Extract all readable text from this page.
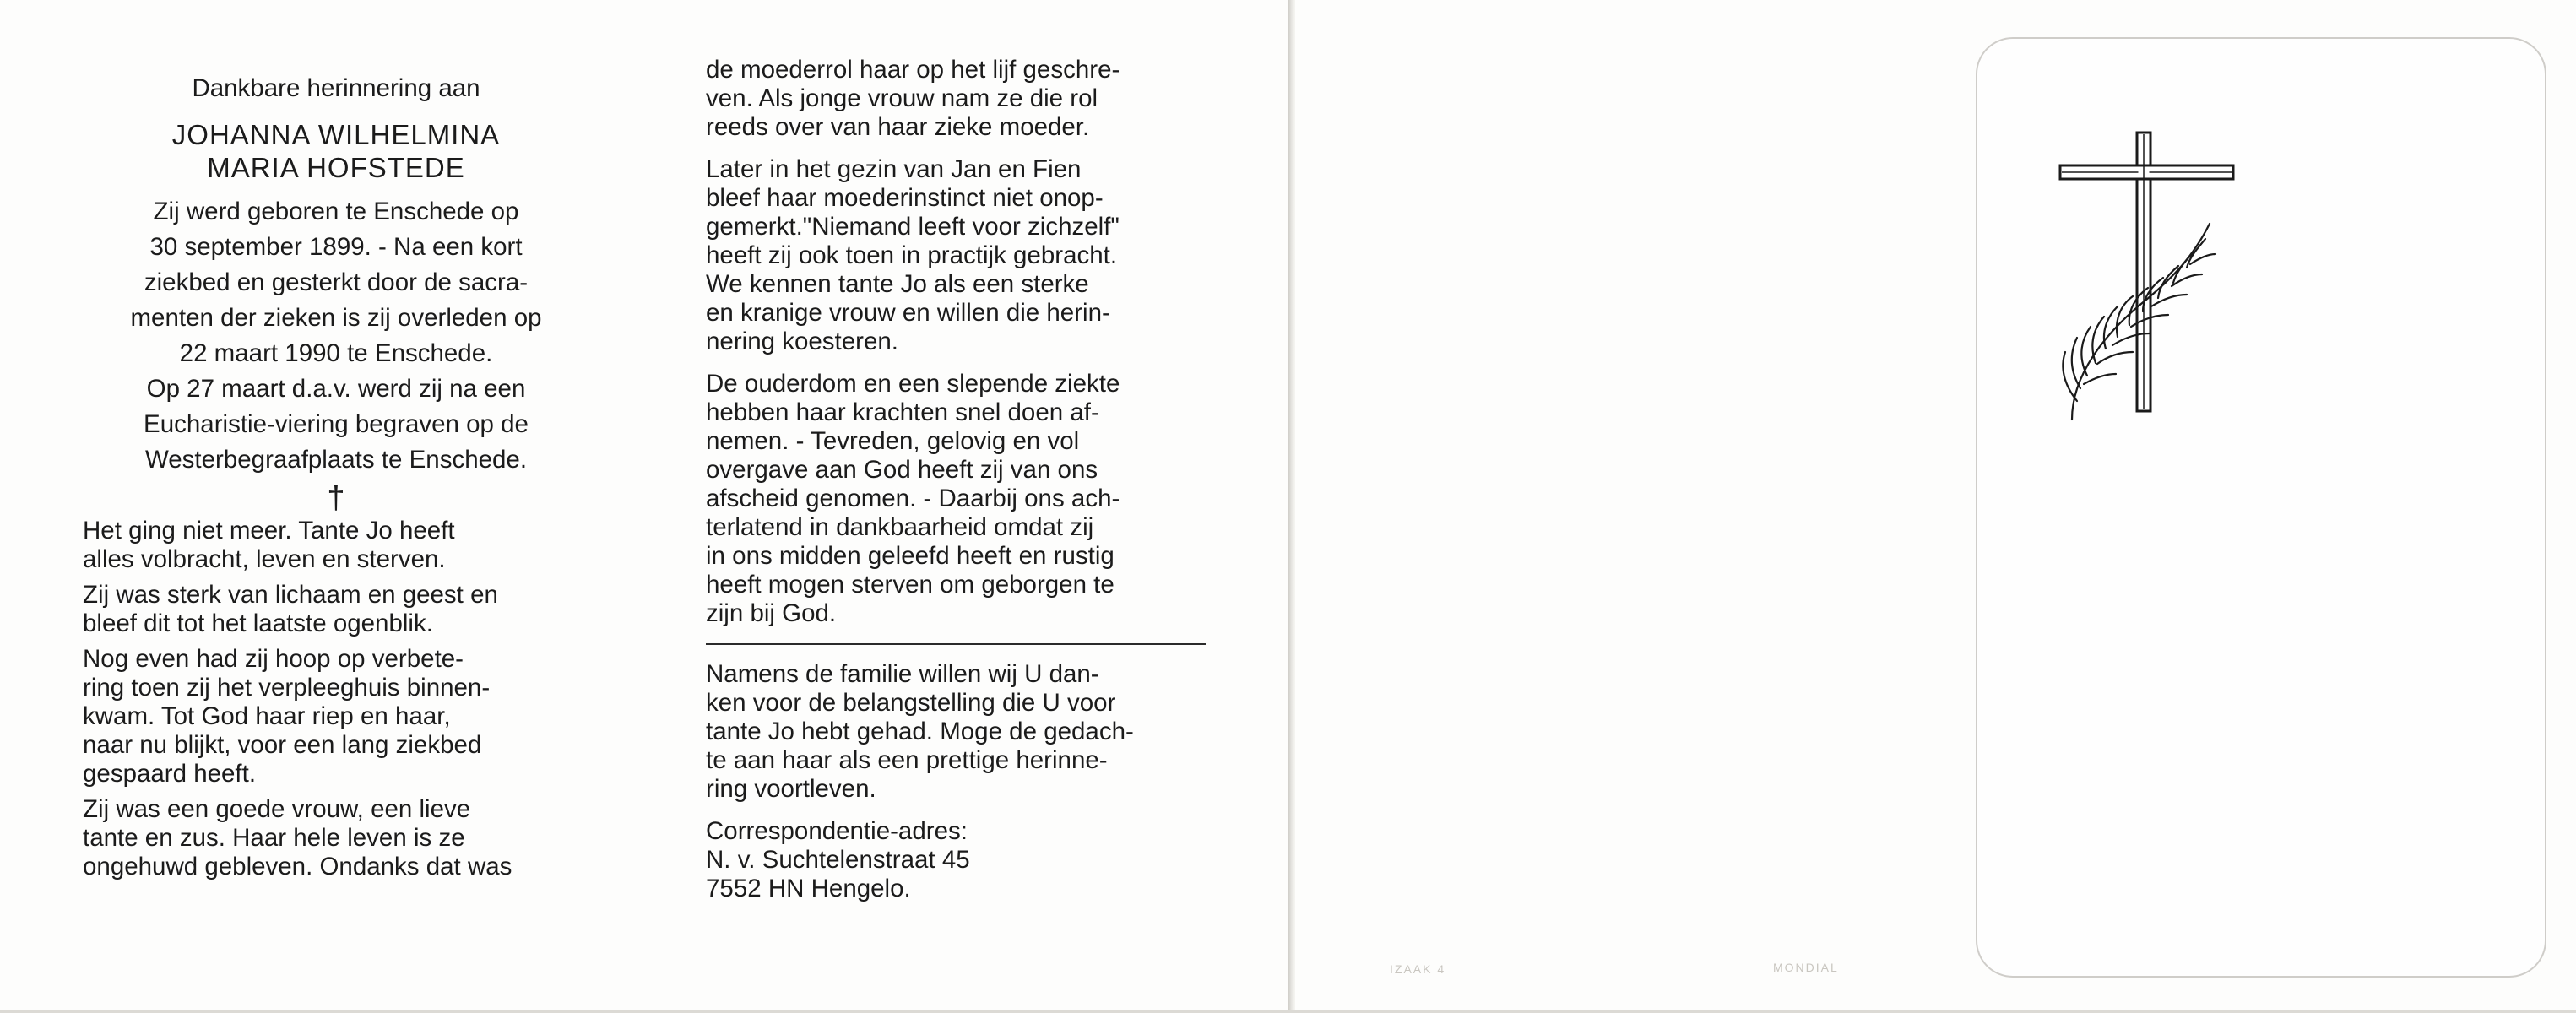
Dankbare herinnering aan
JOHANNA WILHELMINA
MARIA HOFSTEDE
Zij werd geboren te Enschede op
30 september 1899. - Na een kort
ziekbed en gesterkt door de sacra-
menten der zieken is zij overleden op
22 maart 1990 te Enschede.
Op 27 maart d.a.v. werd zij na een
Eucharistie-viering begraven op de
Westerbegraafplaats te Enschede.
†
Het ging niet meer. Tante Jo heeft
alles volbracht, leven en sterven.
Zij was sterk van lichaam en geest en
bleef dit tot het laatste ogenblik.
Nog even had zij hoop op verbete-
ring toen zij het verpleeghuis binnen-
kwam. Tot God haar riep en haar,
naar nu blijkt, voor een lang ziekbed
gespaard heeft.
Zij was een goede vrouw, een lieve
tante en zus. Haar hele leven is ze
ongehuwd gebleven. Ondanks dat was
de moederrol haar op het lijf geschre-
ven. Als jonge vrouw nam ze die rol
reeds over van haar zieke moeder.
Later in het gezin van Jan en Fien
bleef haar moederinstinct niet onop-
gemerkt."Niemand leeft voor zichzelf"
heeft zij ook toen in practijk gebracht.
We kennen tante Jo als een sterke
en kranige vrouw en willen die herin-
nering koesteren.
De ouderdom en een slepende ziekte
hebben haar krachten snel doen af-
nemen. - Tevreden, gelovig en vol
overgave aan God heeft zij van ons
afscheid genomen. - Daarbij ons ach-
terlatend in dankbaarheid omdat zij
in ons midden geleefd heeft en rustig
heeft mogen sterven om geborgen te
zijn bij God.
Namens de familie willen wij U dan-
ken voor de belangstelling die U voor
tante Jo hebt gehad. Moge de gedach-
te aan haar als een prettige herinne-
ring voortleven.
Correspondentie-adres:
N. v. Suchtelenstraat 45
7552 HN Hengelo.
IZAAK 4	MONDIAL
